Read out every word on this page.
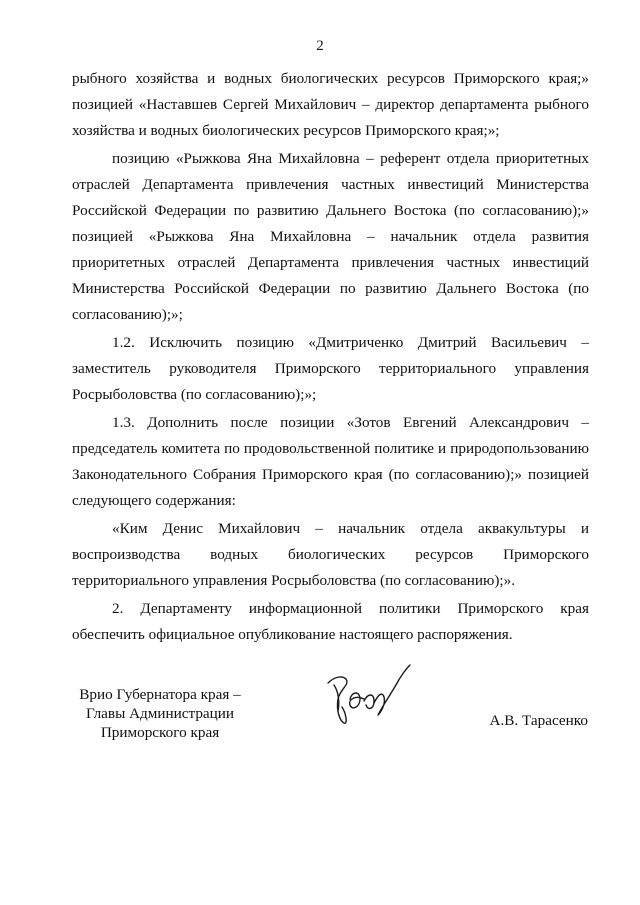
2

рыбного хозяйства и водных биологических ресурсов Приморского края;» позицией «Наставшев Сергей Михайлович – директор департамента рыбного хозяйства и водных биологических ресурсов Приморского края;»;

позицию «Рыжкова Яна Михайловна – референт отдела приоритетных отраслей Департамента привлечения частных инвестиций Министерства Российской Федерации по развитию Дальнего Востока (по согласованию);» позицией «Рыжкова Яна Михайловна – начальник отдела развития приоритетных отраслей Департамента привлечения частных инвестиций Министерства Российской Федерации по развитию Дальнего Востока (по согласованию);»;

1.2. Исключить позицию «Дмитриченко Дмитрий Васильевич – заместитель руководителя Приморского территориального управления Росрыболовства (по согласованию);»;

1.3. Дополнить после позиции «Зотов Евгений Александрович – председатель комитета по продовольственной политике и природопользованию Законодательного Собрания Приморского края (по согласованию);» позицией следующего содержания:

«Ким Денис Михайлович – начальник отдела аквакультуры и воспроизводства водных биологических ресурсов Приморского территориального управления Росрыболовства (по согласованию);».

2. Департаменту информационной политики Приморского края обеспечить официальное опубликование настоящего распоряжения.

Врио Губернатора края –
Главы Администрации
Приморского края
А.В. Тарасенко
